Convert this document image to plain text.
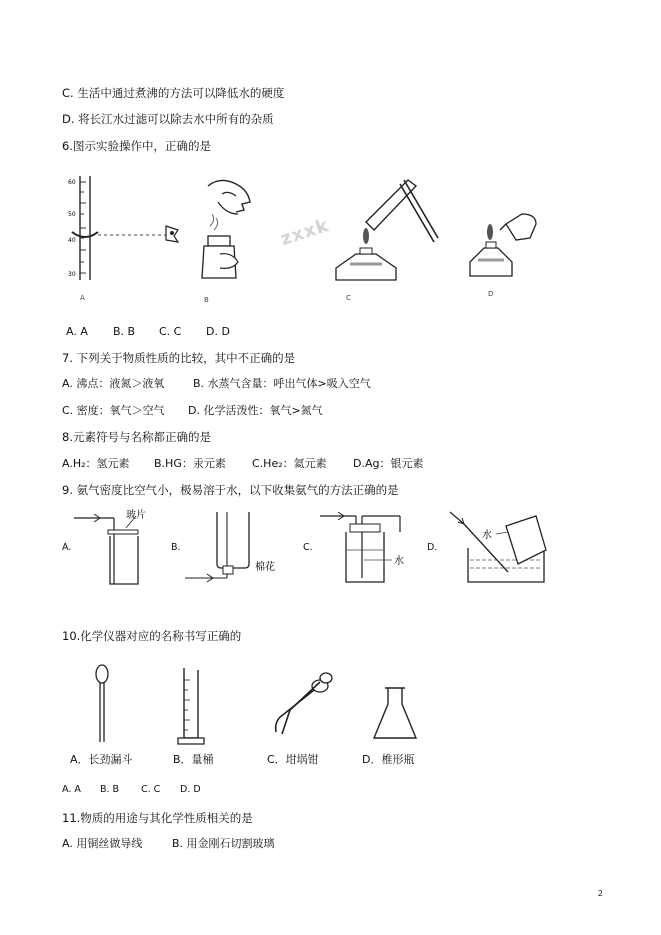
C. 生活中通过煮沸的方法可以降低水的硬度
D. 将长江水过滤可以除去水中所有的杂质
6.图示实验操作中，正确的是
60
50
40
30
A	B
zxxk
C	D
A. A B. B C. C D. D
7. 下列关于物质性质的比较，其中不正确的是
A. 沸点：液氮＞液氧	B. 水蒸气含量：呼出气体>吸入空气
C. 密度：氧气＞空气 D. 化学活泼性：氧气>氮气
8.元素符号与名称都正确的是
A.H₂：氢元素 B.HG：汞元素 C.He₂：氦元素 D.Ag：银元素
9. 氨气密度比空气小，极易溶于水，以下收集氨气的方法正确的是
A.
玻片
B.
棉花
C.
水
D.
水
10.化学仪器对应的名称书写正确的
A．长劲漏斗	B．量桶	C．坩埚钳	D．椎形瓶
A. A B. B C. C D. D
11.物质的用途与其化学性质相关的是
A. 用铜丝做导线	B. 用金刚石切割玻璃
2
